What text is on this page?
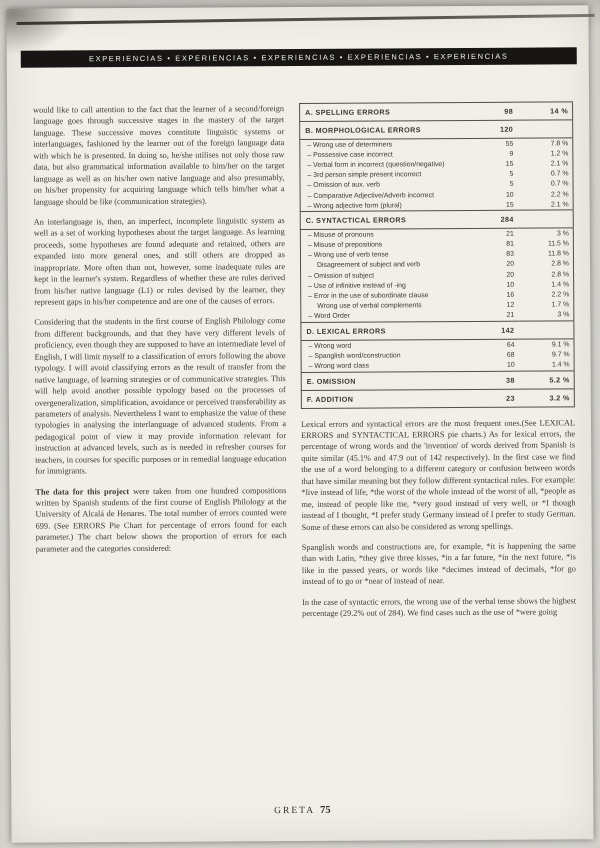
EXPERIENCIAS • EXPERIENCIAS • EXPERIENCIAS • EXPERIENCIAS • EXPERIENCIAS

would like to call attention to the fact that the learner of a second/foreign language goes through successive stages in the mastery of the target language. These successive moves constitute linguistic systems or interlanguages, fashioned by the learner out of the foreign language data with which he is presented. In doing so, he/she utilises not only those raw data, but also grammatical information available to him/her on the target language as well as on his/her own native language and also presumably, on his/her propensity for acquiring language which tells him/her what a language should be like (communication strategies).

An interlanguage is, then, an imperfect, incomplete linguistic system as well as a set of working hypotheses about the target language. As learning proceeds, some hypotheses are found adequate and retained, others are expanded into more general ones, and still others are dropped as inappropriate. More often than not, however, some inadequate rules are kept in the learner's system. Regardless of whether these are rules derived from his/her native language (L1) or rules devised by the learner, they represent gaps in his/her competence and are one of the causes of errors.

Considering that the students in the first course of English Philology come from different backgrounds, and that they have very different levels of proficiency, even though they are supposed to have an intermediate level of English, I will limit myself to a classification of errors following the above typology. I will avoid classifying errors as the result of transfer from the native language, of learning strategies or of communicative strategies. This will help avoid another possible typology based on the processes of overgeneralization, simplification, avoidance or perceived transferability as parameters of analysis. Nevertheless I want to emphasize the value of these typologies in analysing the interlanguage of advanced students. From a pedagogical point of view it may provide information relevant for instruction at advanced levels, such as is needed in refresher courses for teachers, in courses for specific purposes or in remedial language education for immigrants.

The data for this project were taken from one hundred compositions written by Spanish students of the first course of English Philology at the University of Alcalá de Henares. The total number of errors counted were 699. (See ERRORS Pie Chart for percentage of errors found for each parameter.) The chart below shows the proportion of errors for each parameter and the categories considered:

A. SPELLING ERRORS	98	14 %
B. MORPHOLOGICAL ERRORS	120	
– Wrong use of determiners	55	7.8 %
– Possessive case incorrect	9	1.2 %
– Verbal form in incorrect (question/negative)	15	2.1 %
– 3rd person simple present incorrect	5	0.7 %
– Omission of aux. verb	5	0.7 %
– Comparative Adjective/Adverb incorrect	10	2.2 %
– Wrong adjective form (plural)	15	2.1 %
C. SYNTACTICAL ERRORS	284	
– Misuse of pronouns	21	3 %
– Misuse of prepositions	81	11.5 %
– Wrong use of verb tense	83	11.8 %
Disagreement of subject and verb	20	2.8 %
– Omission of subject	20	2.8 %
– Use of infinitive instead of -ing	10	1.4 %
– Error in the use of subordinate clause	16	2.2 %
Wrong use of verbal complements	12	1.7 %
– Word Order	21	3 %
D. LEXICAL ERRORS	142	
– Wrong word	64	9.1 %
– Spanglish word/construction	68	9.7 %
– Wrong word class	10	1.4 %
E. OMISSION	38	5.2 %
F. ADDITION	23	3.2 %

Lexical errors and syntactical errors are the most frequent ones.(See LEXICAL ERRORS and SYNTACTICAL ERRORS pie charts.) As for lexical errors, the percentage of wrong words and the 'invention' of words derived from Spanish is quite similar (45.1% and 47.9 out of 142 respectively). In the first case we find the use of a word belonging to a different category or confusion between words that have similar meaning but they follow different syntactical rules. For example: *live instead of life, *the worst of the whole instead of the worst of all, *people as me, instead of people like me, *very good instead of very well, or *I though instead of I thought, *I prefer study Germany instead of I prefer to study German. Some of these errors can also be considered as wrong spellings.

Spanglish words and constructions are, for example, *it is happening the same than with Latin, *they give three kisses, *in a far future, *in the next future, *is like in the passed years, or words like *decimes instead of decimals, *for go instead of to go or *near of instead of near.

In the case of syntactic errors, the wrong use of the verbal tense shows the highest percentage (29.2% out of 284). We find cases such as the use of *were going

GRETA 75
